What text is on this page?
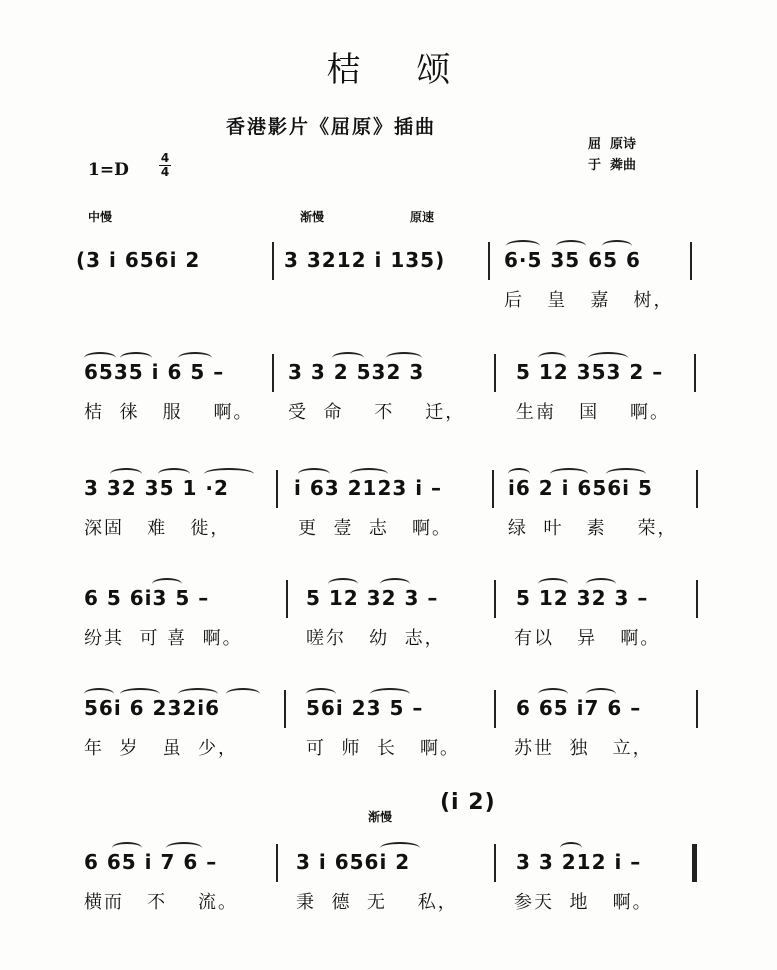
桔颂
香港影片《屈原》插曲
屈  原诗
于  粦曲
1=D
4
4
中慢	渐慢	原速
渐慢
(3 i 656i 2	3 3212 i 135)	6·5 35 65 6
后   皇   嘉   树，
6535 i 6 5 –
桔  徕   服    啊。
3 3 2 532 3
受  命    不    迁，
5 12 353 2 –
生南   国    啊。
3 32 35 1 ·2
深固   难   徙，
i 63 2123 i –
更  壹  志   啊。
i6 2 i 656i 5
绿  叶   素    荣，
6 5 6i3 5 –
纷其  可 喜  啊。
5 12 32 3 –
嗟尔   幼  志，
5 12 32 3 –
有以   异   啊。
56i 6 232i6
年  岁   虽  少，
56i 23 5 –
可  师  长   啊。
6 65 i7 6 –
苏世  独   立，
(i 2)
6 65 i 7 6 –
横而   不    流。
3 i 656i 2
秉  德  无    私，
3 3 212 i –
参天  地   啊。
